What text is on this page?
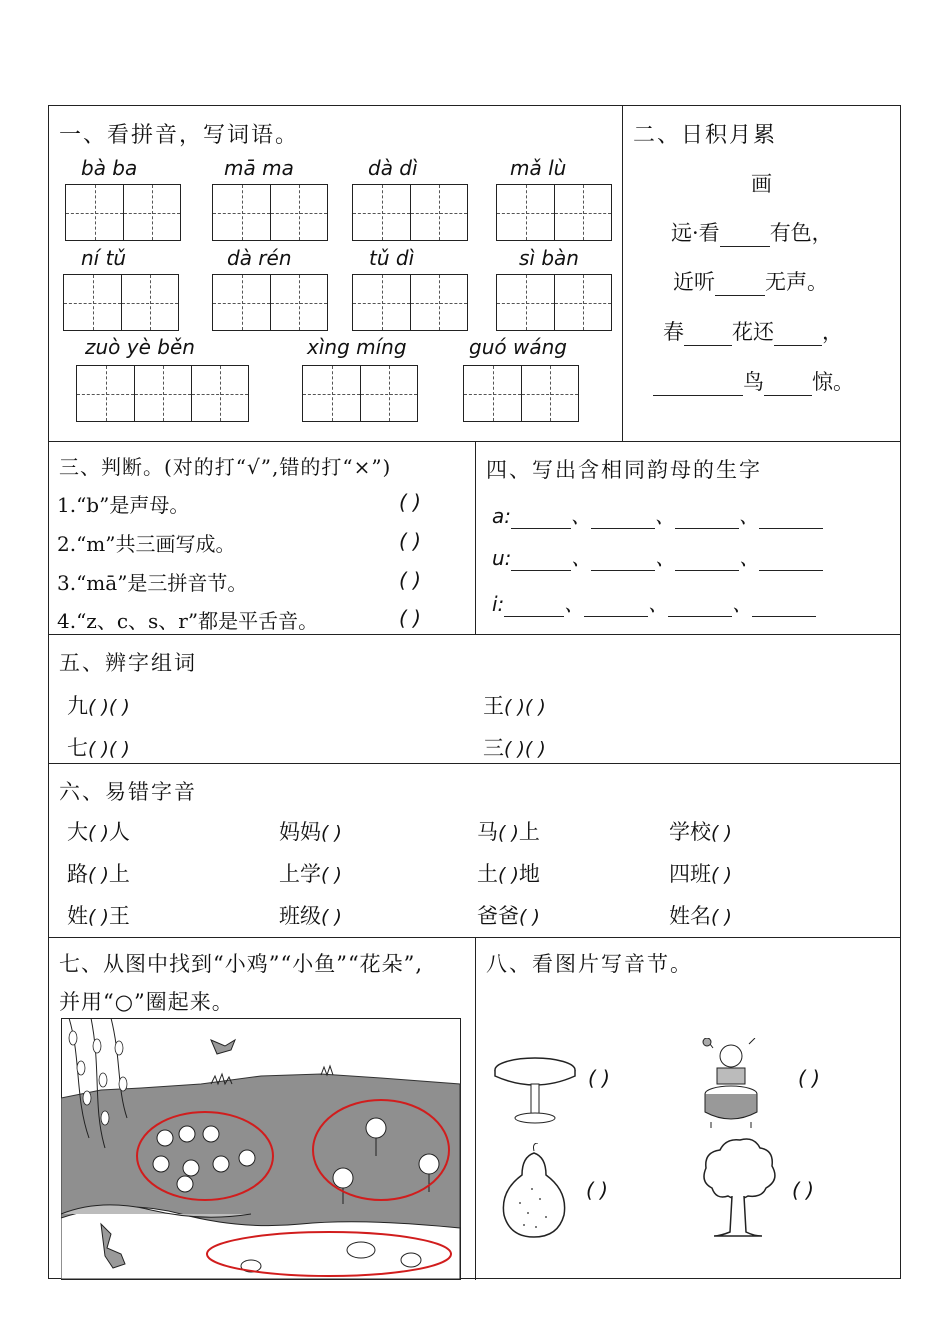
一、看拼音，写词语。
bà ba	mā ma	dà dì	mǎ lù
ní tǔ	dà rén	tǔ dì	sì bàn
zuò yè běn	xìng míng	guó wáng
二、日积月累
画
远·看 有色，
近听 无声。
春 花还 ，
鸟 惊。
三、判断。(对的打“√”,错的打“×”)
1.“b”是声母。	( )
2.“m”共三画写成。	( )
3.“mā”是三拼音节。	( )
4.“z、c、s、r”都是平舌音。	( )
四、写出含相同韵母的生字
a:	、	、	、
u:	、	、	、
i:	、	、	、
五、辨字组词
九( )( )	王( )( )
七( )( )	三( )( )
六、易错字音
七、从图中找到“小鸡”“小鱼”“花朵”,
并用“○”圈起来。
八、看图片写音节。
( )	( )
( )	( )
大( )人	妈妈( )	马( )上	学校( )
路( )上	上学( )	土( )地	四班( )
姓( )王	班级( )	爸爸( )	姓名( )
